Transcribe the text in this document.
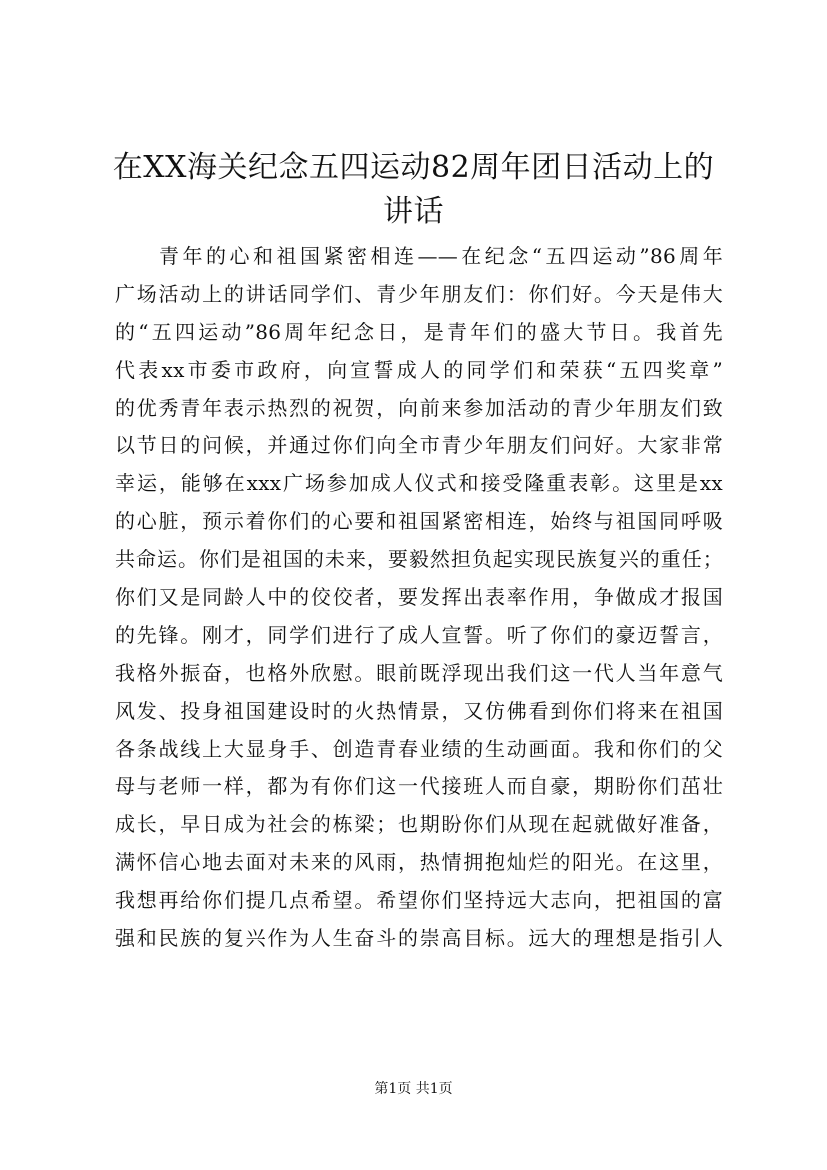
在XX海关纪念五四运动82周年团日活动上的
讲话
青年的心和祖国紧密相连——在纪念“五四运动”86周年
广场活动上的讲话同学们、青少年朋友们：你们好。今天是伟大
的“五四运动”86周年纪念日，是青年们的盛大节日。我首先
代表xx市委市政府，向宣誓成人的同学们和荣获“五四奖章”
的优秀青年表示热烈的祝贺，向前来参加活动的青少年朋友们致
以节日的问候，并通过你们向全市青少年朋友们问好。大家非常
幸运，能够在xxx广场参加成人仪式和接受隆重表彰。这里是xx
的心脏，预示着你们的心要和祖国紧密相连，始终与祖国同呼吸
共命运。你们是祖国的未来，要毅然担负起实现民族复兴的重任；
你们又是同龄人中的佼佼者，要发挥出表率作用，争做成才报国
的先锋。刚才，同学们进行了成人宣誓。听了你们的豪迈誓言，
我格外振奋，也格外欣慰。眼前既浮现出我们这一代人当年意气
风发、投身祖国建设时的火热情景，又仿佛看到你们将来在祖国
各条战线上大显身手、创造青春业绩的生动画面。我和你们的父
母与老师一样，都为有你们这一代接班人而自豪，期盼你们茁壮
成长，早日成为社会的栋梁；也期盼你们从现在起就做好准备，
满怀信心地去面对未来的风雨，热情拥抱灿烂的阳光。在这里，
我想再给你们提几点希望。希望你们坚持远大志向，把祖国的富
强和民族的复兴作为人生奋斗的崇高目标。远大的理想是指引人
第1页 共1页
